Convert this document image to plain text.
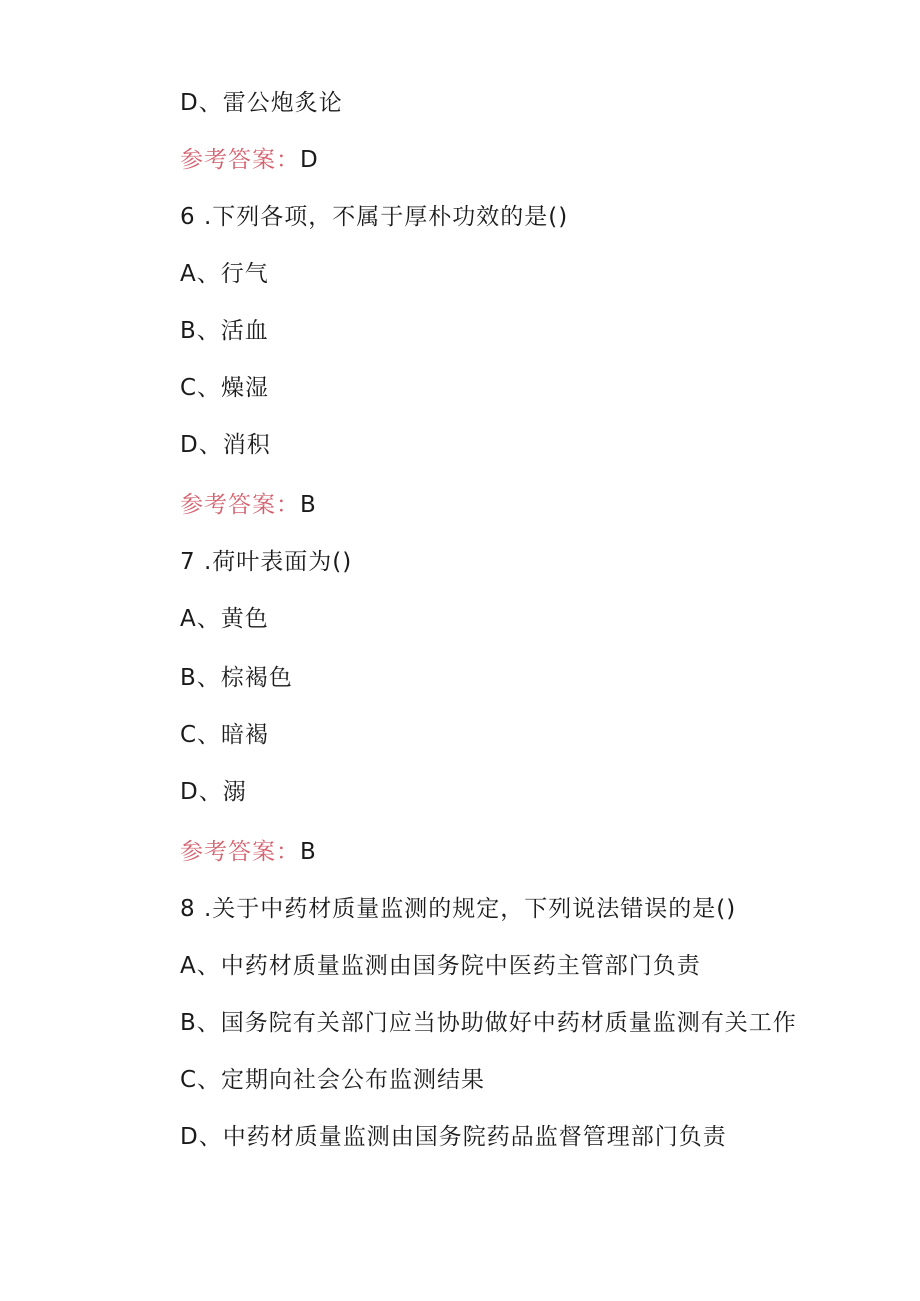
D、雷公炮炙论
参考答案：D
6 .下列各项，不属于厚朴功效的是()
A、行气
B、活血
C、燥湿
D、消积
参考答案：B
7 .荷叶表面为()
A、黄色
B、棕褐色
C、暗褐
D、溺
参考答案：B
8 .关于中药材质量监测的规定，下列说法错误的是()
A、中药材质量监测由国务院中医药主管部门负责
B、国务院有关部门应当协助做好中药材质量监测有关工作
C、定期向社会公布监测结果
D、中药材质量监测由国务院药品监督管理部门负责
